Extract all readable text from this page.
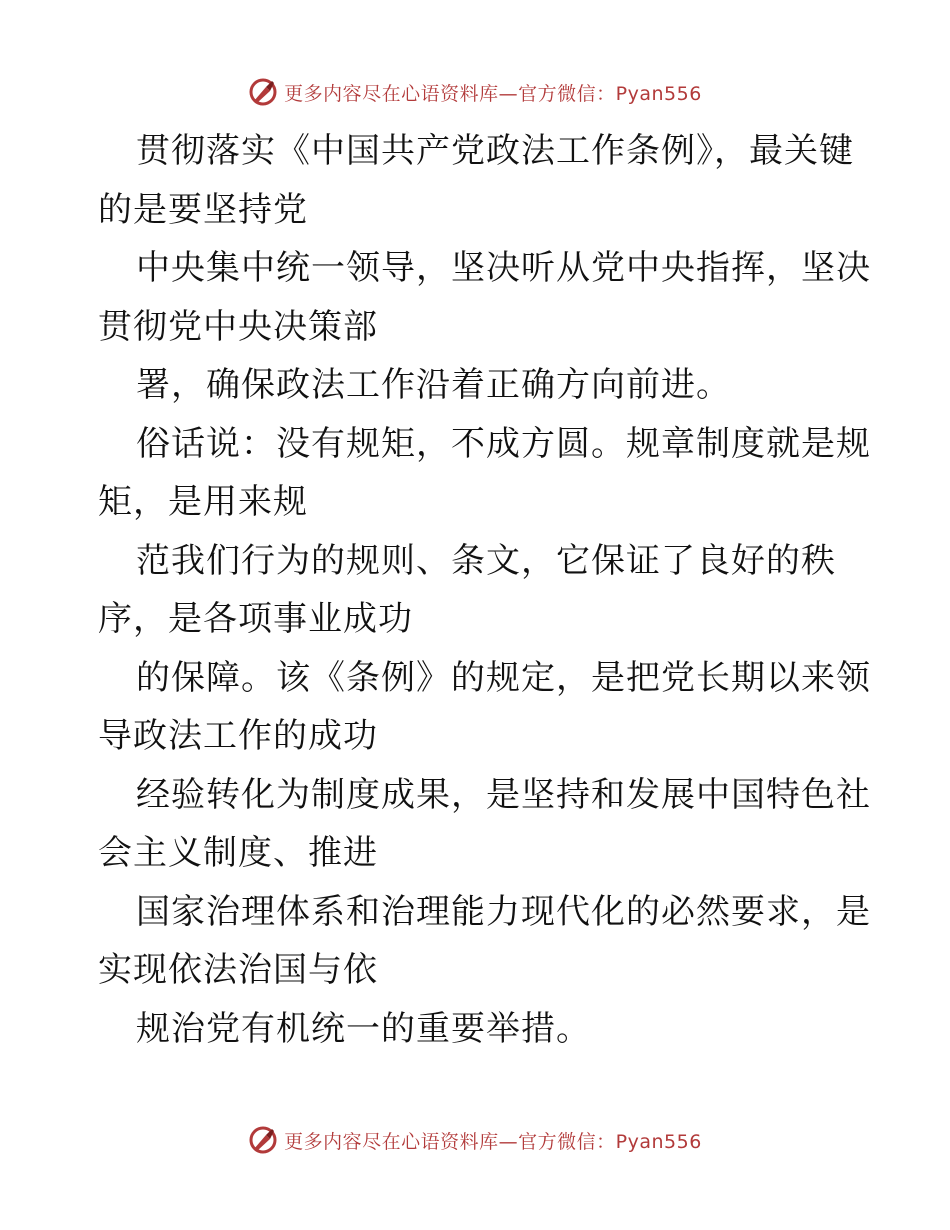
更多内容尽在心语资料库—官方微信：Pyan556
贯彻落实《中国共产党政法工作条例》，最关键
的是要坚持党
中央集中统一领导，坚决听从党中央指挥，坚决
贯彻党中央决策部
署，确保政法工作沿着正确方向前进。
俗话说：没有规矩，不成方圆。规章制度就是规
矩，是用来规
范我们行为的规则、条文，它保证了良好的秩
序，是各项事业成功
的保障。该《条例》的规定，是把党长期以来领
导政法工作的成功
经验转化为制度成果，是坚持和发展中国特色社
会主义制度、推进
国家治理体系和治理能力现代化的必然要求，是
实现依法治国与依
规治党有机统一的重要举措。
更多内容尽在心语资料库—官方微信：Pyan556
